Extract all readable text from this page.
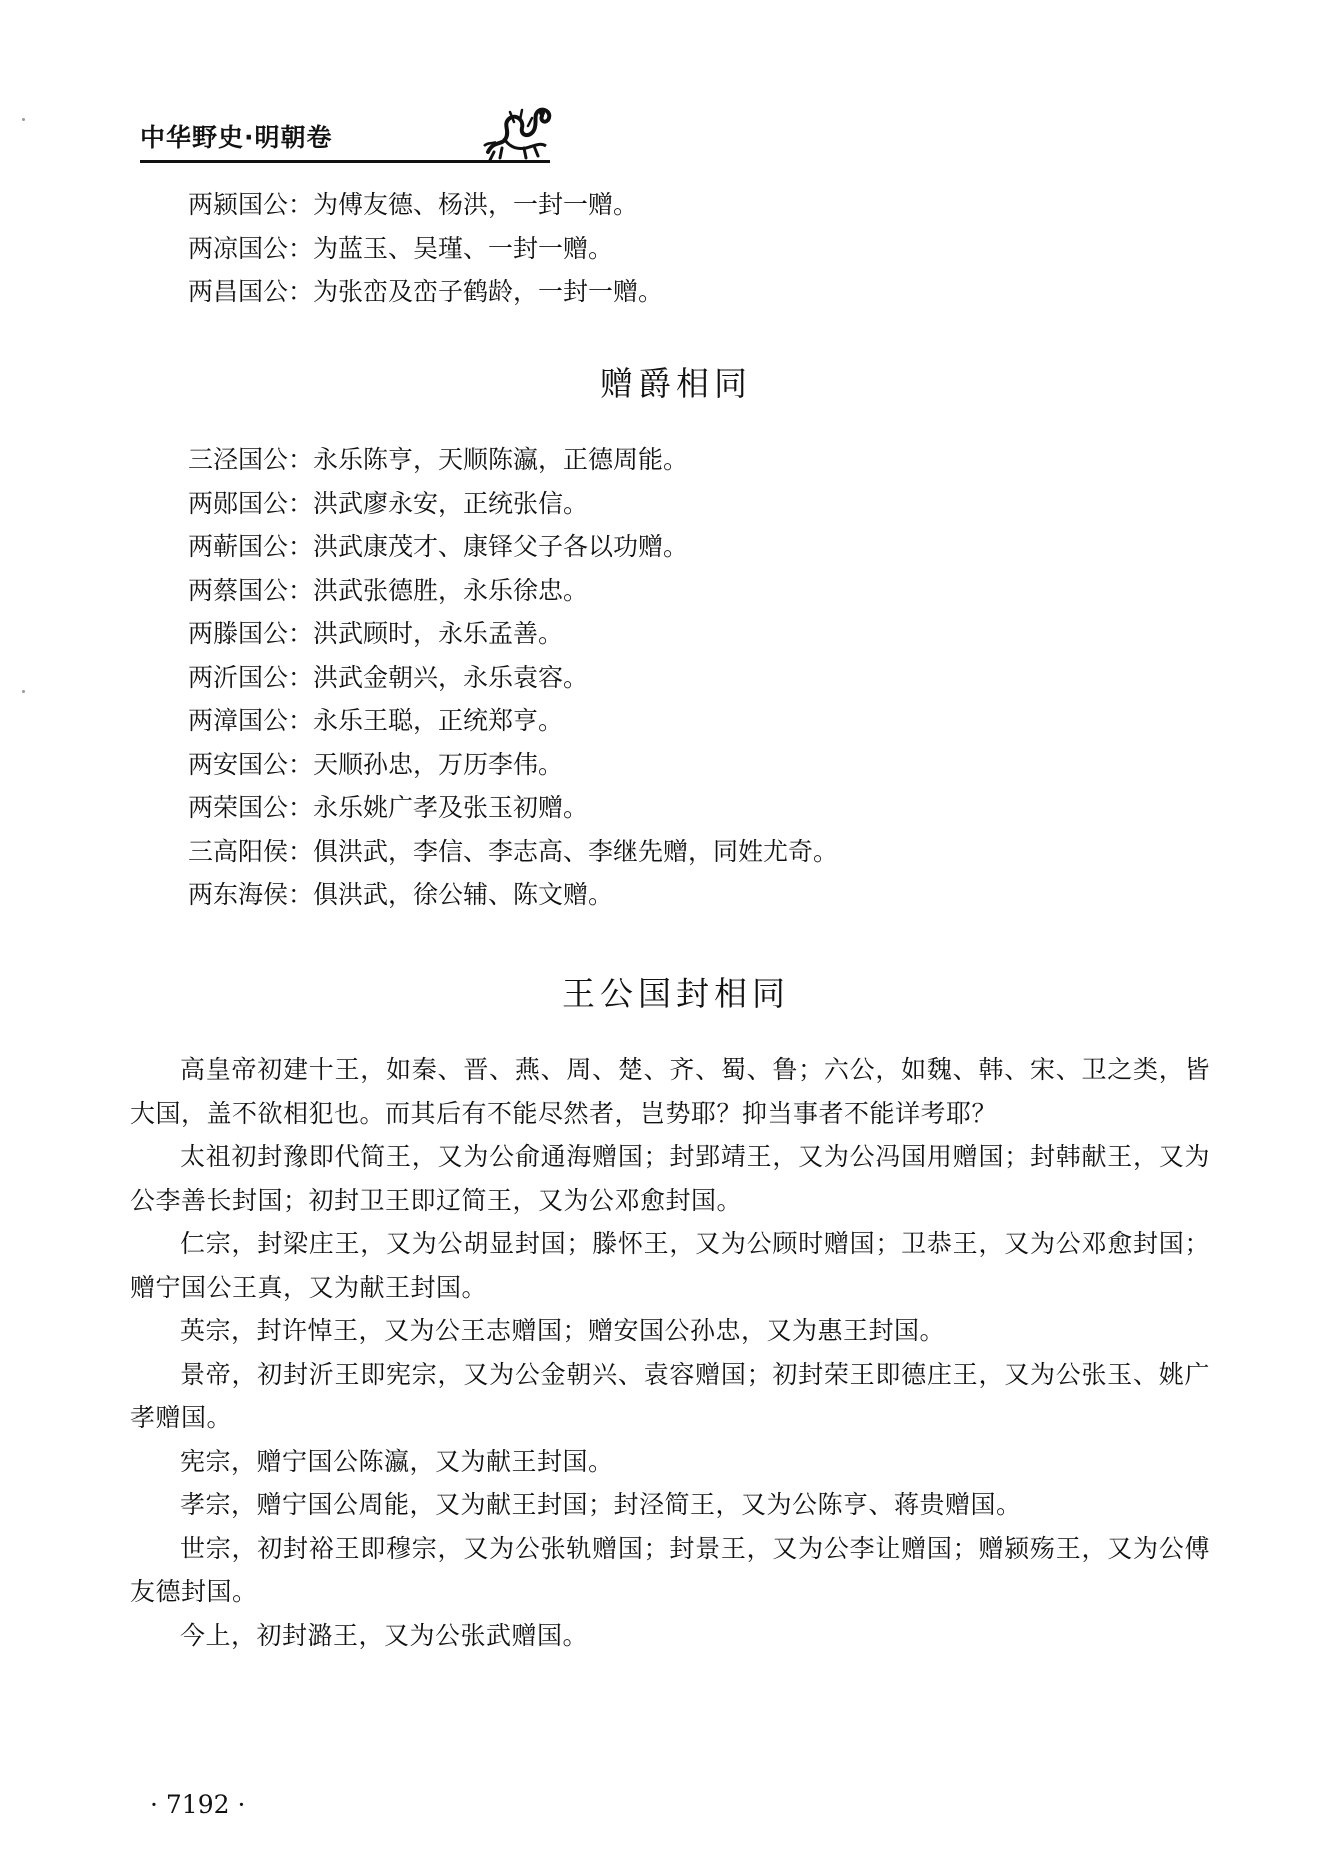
中华野史·明朝卷
两颍国公：为傅友德、杨洪，一封一赠。
两凉国公：为蓝玉、吴瑾、一封一赠。
两昌国公：为张峦及峦子鹤龄，一封一赠。
赠爵相同
三泾国公：永乐陈亨，天顺陈瀛，正德周能。
两郧国公：洪武廖永安，正统张信。
两蕲国公：洪武康茂才、康铎父子各以功赠。
两蔡国公：洪武张德胜，永乐徐忠。
两滕国公：洪武顾时，永乐孟善。
两沂国公：洪武金朝兴，永乐袁容。
两漳国公：永乐王聪，正统郑亨。
两安国公：天顺孙忠，万历李伟。
两荣国公：永乐姚广孝及张玉初赠。
三高阳侯：俱洪武，李信、李志高、李继先赠，同姓尤奇。
两东海侯：俱洪武，徐公辅、陈文赠。
王公国封相同

高皇帝初建十王，如秦、晋、燕、周、楚、齐、蜀、鲁；六公，如魏、韩、宋、卫之类，皆大国，盖不欲相犯也。而其后有不能尽然者，岂势耶？抑当事者不能详考耶？

太祖初封豫即代简王，又为公俞通海赠国；封郢靖王，又为公冯国用赠国；封韩献王，又为公李善长封国；初封卫王即辽简王，又为公邓愈封国。

仁宗，封梁庄王，又为公胡显封国；滕怀王，又为公顾时赠国；卫恭王，又为公邓愈封国；赠宁国公王真，又为献王封国。

英宗，封许悼王，又为公王志赠国；赠安国公孙忠，又为惠王封国。

景帝，初封沂王即宪宗，又为公金朝兴、袁容赠国；初封荣王即德庄王，又为公张玉、姚广孝赠国。

宪宗，赠宁国公陈瀛，又为献王封国。

孝宗，赠宁国公周能，又为献王封国；封泾简王，又为公陈亨、蒋贵赠国。

世宗，初封裕王即穆宗，又为公张轨赠国；封景王，又为公李让赠国；赠颍殇王，又为公傅友德封国。

今上，初封潞王，又为公张武赠国。

· 7192 ·
